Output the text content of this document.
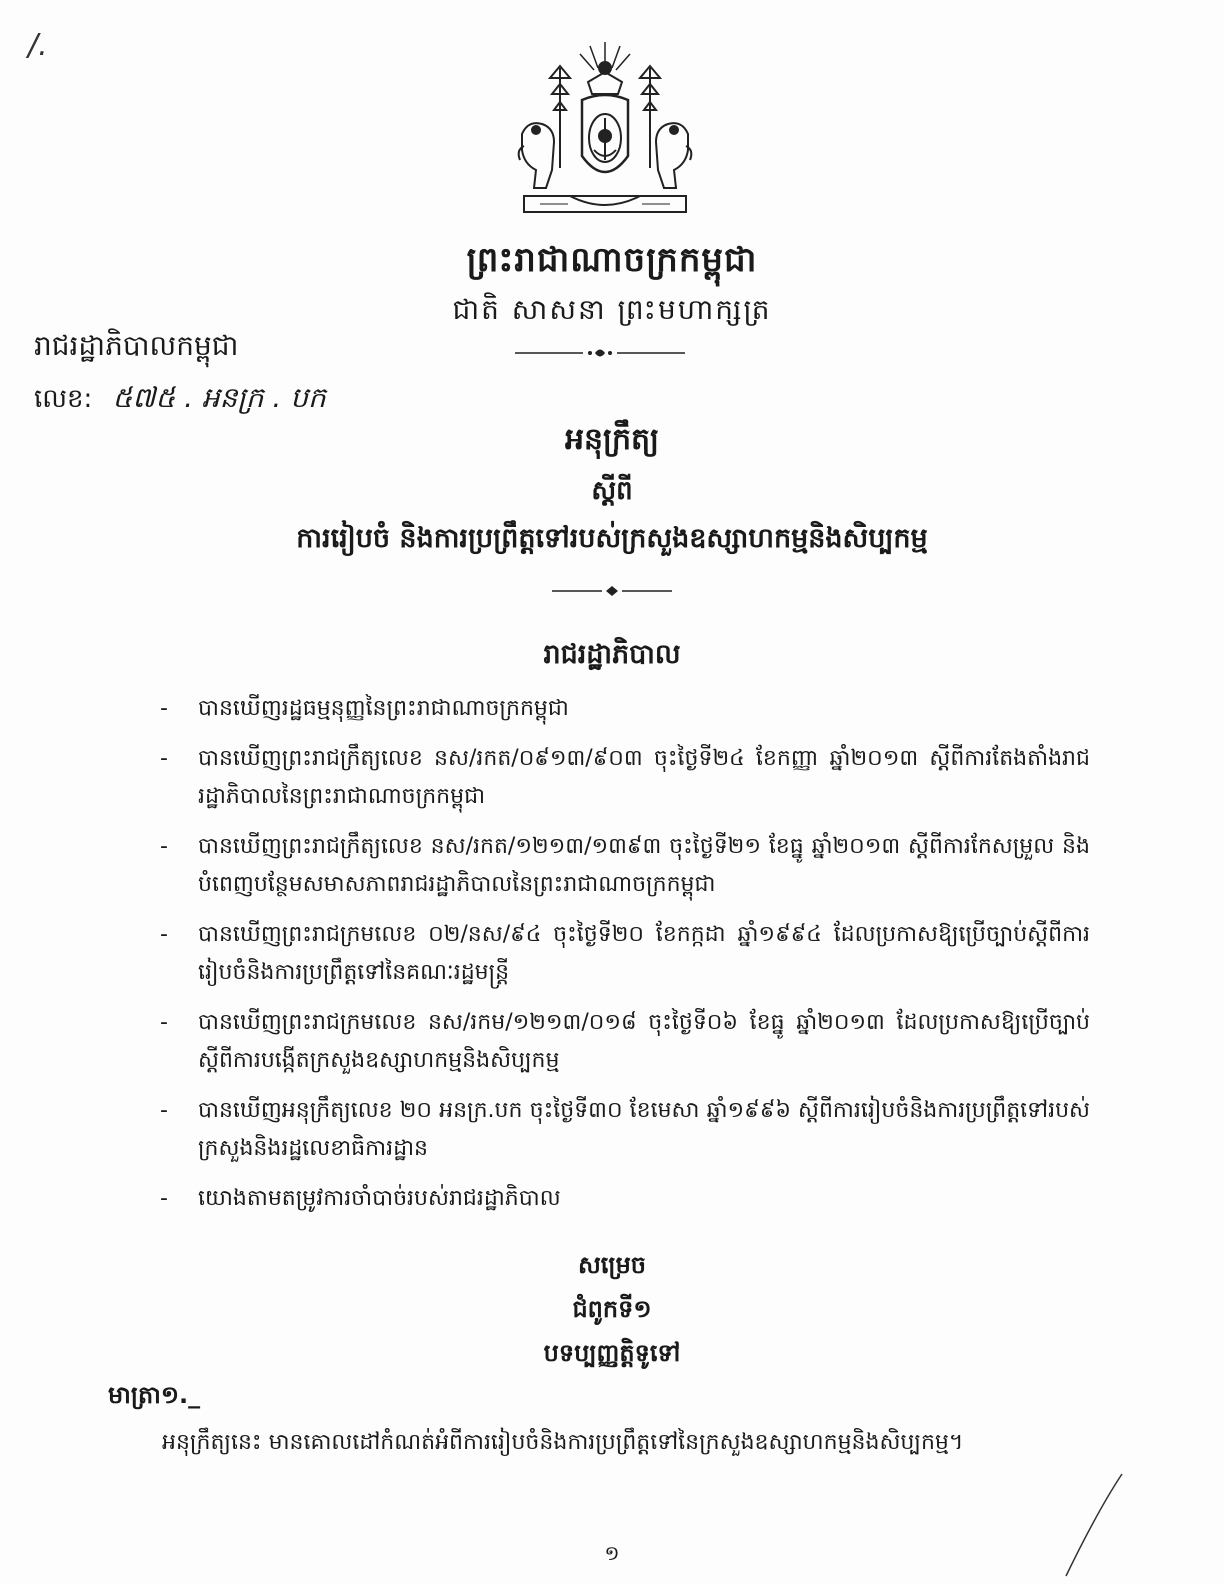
/.
ព្រះរាជាណាចក្រកម្ពុជា
ជាតិ សាសនា ព្រះមហាក្សត្រ
រាជរដ្ឋាភិបាលកម្ពុជា
លេខ: ៥៧៥ . អនក្រ . បក
អនុក្រឹត្យ
ស្តីពី
ការរៀបចំ និងការប្រព្រឹត្តទៅរបស់ក្រសួងឧស្សាហកម្មនិងសិប្បកម្ម
រាជរដ្ឋាភិបាល
- បានឃើញរដ្ឋធម្មនុញ្ញនៃព្រះរាជាណាចក្រកម្ពុជា
- បានឃើញព្រះរាជក្រឹត្យលេខ នស/រកត/០៩១៣/៩០៣ ចុះថ្ងៃទី២៤ ខែកញ្ញា ឆ្នាំ២០១៣ ស្តីពីការតែងតាំងរាជរដ្ឋាភិបាលនៃព្រះរាជាណាចក្រកម្ពុជា
- បានឃើញព្រះរាជក្រឹត្យលេខ នស/រកត/១២១៣/១៣៩៣ ចុះថ្ងៃទី២១ ខែធ្នូ ឆ្នាំ២០១៣ ស្តីពីការកែសម្រួល និងបំពេញបន្ថែមសមាសភាពរាជរដ្ឋាភិបាលនៃព្រះរាជាណាចក្រកម្ពុជា
- បានឃើញព្រះរាជក្រមលេខ ០២/នស/៩៤ ចុះថ្ងៃទី២០ ខែកក្កដា ឆ្នាំ១៩៩៤ ដែលប្រកាសឱ្យប្រើច្បាប់ស្តីពីការរៀបចំនិងការប្រព្រឹត្តទៅនៃគណៈរដ្ឋមន្ត្រី
- បានឃើញព្រះរាជក្រមលេខ នស/រកម/១២១៣/០១៨ ចុះថ្ងៃទី០៦ ខែធ្នូ ឆ្នាំ២០១៣ ដែលប្រកាសឱ្យប្រើច្បាប់ស្តីពីការបង្កើតក្រសួងឧស្សាហកម្មនិងសិប្បកម្ម
- បានឃើញអនុក្រឹត្យលេខ ២០ អនក្រ.បក ចុះថ្ងៃទី៣០ ខែមេសា ឆ្នាំ១៩៩៦ ស្តីពីការរៀបចំនិងការប្រព្រឹត្តទៅរបស់ក្រសួងនិងរដ្ឋលេខាធិការដ្ឋាន
- យោងតាមតម្រូវការចាំបាច់របស់រាជរដ្ឋាភិបាល
សម្រេច
ជំពូកទី១
បទប្បញ្ញត្តិទូទៅ
មាត្រា១._
អនុក្រឹត្យនេះ មានគោលដៅកំណត់អំពីការរៀបចំនិងការប្រព្រឹត្តទៅនៃក្រសួងឧស្សាហកម្មនិងសិប្បកម្ម។
១
